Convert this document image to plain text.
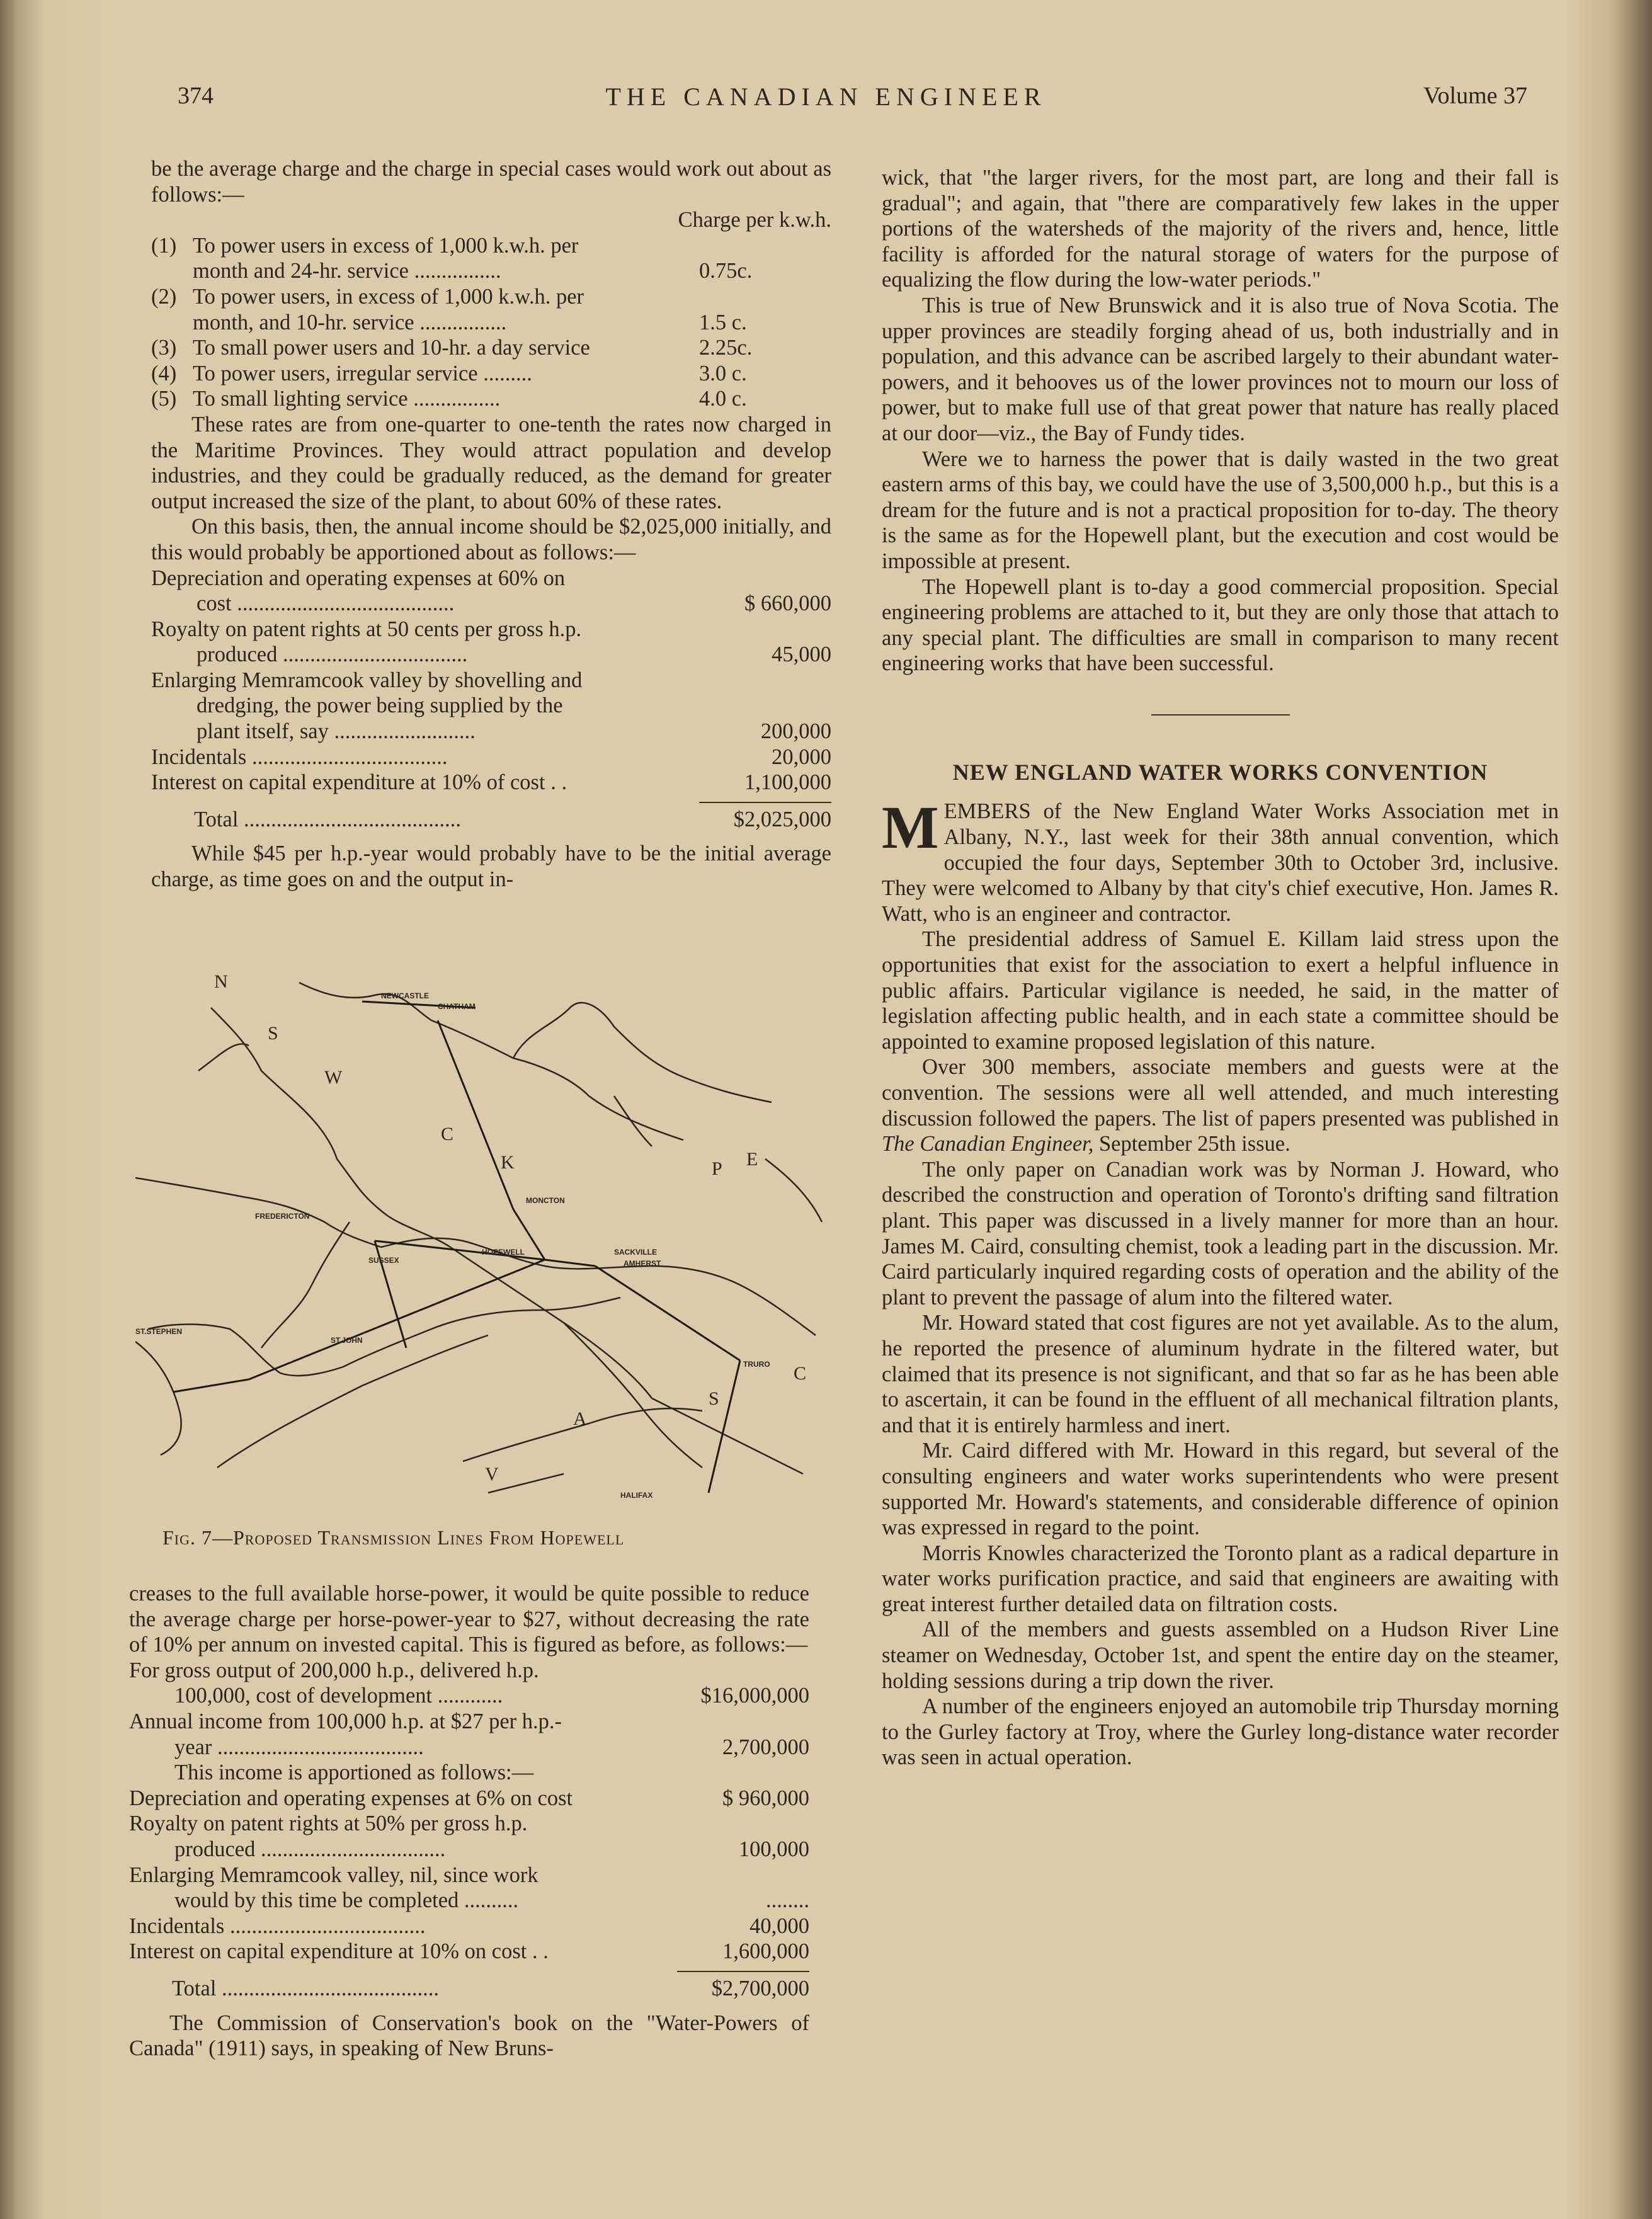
THE CANADIAN ENGINEER
374	Volume 37

be the average charge and the charge in special cases would work out about as follows:—

Charge per k.w.h.
(1) To power users in excess of 1,000 k.w.h. per
month and 24-hr. service ................	0.75c.
(2) To power users, in excess of 1,000 k.w.h. per
month, and 10-hr. service ................	1.5 c.
(3) To small power users and 10-hr. a day service	2.25c.
(4) To power users, irregular service .........	3.0 c.
(5) To small lighting service ................	4.0 c.

These rates are from one-quarter to one-tenth the rates now charged in the Maritime Provinces. They would attract population and develop industries, and they could be gradually reduced, as the demand for greater output increased the size of the plant, to about 60% of these rates.

On this basis, then, the annual income should be $2,025,000 initially, and this would probably be apportioned about as follows:—

Depreciation and operating expenses at 60% on
cost ........................................	$ 660,000
Royalty on patent rights at 50 cents per gross h.p.
produced ..................................	45,000
Enlarging Memramcook valley by shovelling and
dredging, the power being supplied by the
plant itself, say ..........................	200,000
Incidentals ....................................	20,000
Interest on capital expenditure at 10% of cost . .	1,100,000
Total ........................................	$2,025,000

While $45 per h.p.-year would probably have to be the initial average charge, as time goes on and the output in-

FREDERICTON
MONCTON
HOPEWELL
SUSSEX
SACKVILLE
AMHERST
ST.JOHN
ST.STEPHEN
TRURO
HALIFAX
NEWCASTLE
CHATHAM
N
S
W
C
K	P E
A
V
S
C
Fig. 7—Proposed Transmission Lines From Hopewell

creases to the full available horse-power, it would be quite possible to reduce the average charge per horse-power-year to $27, without decreasing the rate of 10% per annum on invested capital. This is figured as before, as follows:—

For gross output of 200,000 h.p., delivered h.p.
100,000, cost of development ............	$16,000,000
Annual income from 100,000 h.p. at $27 per h.p.-
year ......................................	2,700,000
This income is apportioned as follows:—
Depreciation and operating expenses at 6% on cost	$ 960,000
Royalty on patent rights at 50% per gross h.p.
produced ..................................	100,000
Enlarging Memramcook valley, nil, since work
would by this time be completed ..........	........
Incidentals ....................................	40,000
Interest on capital expenditure at 10% on cost . .	1,600,000
Total ........................................	$2,700,000

The Commission of Conservation's book on the "Water-Powers of Canada" (1911) says, in speaking of New Bruns-

wick, that "the larger rivers, for the most part, are long and their fall is gradual"; and again, that "there are comparatively few lakes in the upper portions of the watersheds of the majority of the rivers and, hence, little facility is afforded for the natural storage of waters for the purpose of equalizing the flow during the low-water periods."

This is true of New Brunswick and it is also true of Nova Scotia. The upper provinces are steadily forging ahead of us, both industrially and in population, and this advance can be ascribed largely to their abundant water-powers, and it behooves us of the lower provinces not to mourn our loss of power, but to make full use of that great power that nature has really placed at our door—viz., the Bay of Fundy tides.

Were we to harness the power that is daily wasted in the two great eastern arms of this bay, we could have the use of 3,500,000 h.p., but this is a dream for the future and is not a practical proposition for to-day. The theory is the same as for the Hopewell plant, but the execution and cost would be impossible at present.

The Hopewell plant is to-day a good commercial proposition. Special engineering problems are attached to it, but they are only those that attach to any special plant. The difficulties are small in comparison to many recent engineering works that have been successful.

NEW ENGLAND WATER WORKS CONVENTION

MEMBERS of the New England Water Works Association met in Albany, N.Y., last week for their 38th annual convention, which occupied the four days, September 30th to October 3rd, inclusive. They were welcomed to Albany by that city's chief executive, Hon. James R. Watt, who is an engineer and contractor.

The presidential address of Samuel E. Killam laid stress upon the opportunities that exist for the association to exert a helpful influence in public affairs. Particular vigilance is needed, he said, in the matter of legislation affecting public health, and in each state a committee should be appointed to examine proposed legislation of this nature.

Over 300 members, associate members and guests were at the convention. The sessions were all well attended, and much interesting discussion followed the papers. The list of papers presented was published in The Canadian Engineer, September 25th issue.

The only paper on Canadian work was by Norman J. Howard, who described the construction and operation of Toronto's drifting sand filtration plant. This paper was discussed in a lively manner for more than an hour. James M. Caird, consulting chemist, took a leading part in the discussion. Mr. Caird particularly inquired regarding costs of operation and the ability of the plant to prevent the passage of alum into the filtered water.

Mr. Howard stated that cost figures are not yet available. As to the alum, he reported the presence of aluminum hydrate in the filtered water, but claimed that its presence is not significant, and that so far as he has been able to ascertain, it can be found in the effluent of all mechanical filtration plants, and that it is entirely harmless and inert.

Mr. Caird differed with Mr. Howard in this regard, but several of the consulting engineers and water works superintendents who were present supported Mr. Howard's statements, and considerable difference of opinion was expressed in regard to the point.

Morris Knowles characterized the Toronto plant as a radical departure in water works purification practice, and said that engineers are awaiting with great interest further detailed data on filtration costs.

All of the members and guests assembled on a Hudson River Line steamer on Wednesday, October 1st, and spent the entire day on the steamer, holding sessions during a trip down the river.

A number of the engineers enjoyed an automobile trip Thursday morning to the Gurley factory at Troy, where the Gurley long-distance water recorder was seen in actual operation.
